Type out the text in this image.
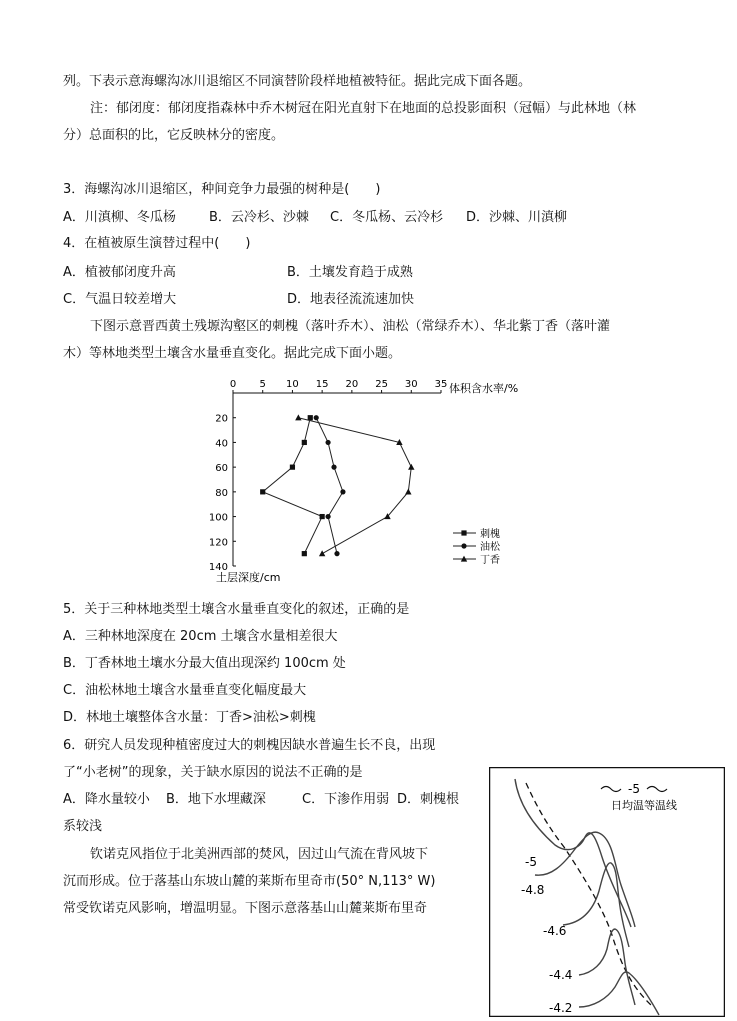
列。下表示意海螺沟冰川退缩区不同演替阶段样地植被特征。据此完成下面各题。
注：郁闭度：郁闭度指森林中乔木树冠在阳光直射下在地面的总投影面积（冠幅）与此林地（林
分）总面积的比，它反映林分的密度。
3．海螺沟冰川退缩区，种间竞争力最强的树种是(　　)
A．川滇柳、冬瓜杨	B．云冷杉、沙棘 C．冬瓜杨、云冷杉 D．沙棘、川滇柳
4．在植被原生演替过程中(　　)
A．植被郁闭度升高	B．土壤发育趋于成熟
C．气温日较差增大	D．地表径流流速加快
下图示意晋西黄土残塬沟壑区的刺槐（落叶乔木）、油松（常绿乔木）、华北紫丁香（落叶灌
木）等林地类型土壤含水量垂直变化。据此完成下面小题。
0 5 10 15 20 25 30 35
20
40
60
80
100
120
140
体积含水率/%
土层深度/cm
刺槐
油松
丁香
5．关于三种林地类型土壤含水量垂直变化的叙述，正确的是
A．三种林地深度在 20cm 土壤含水量相差很大
B．丁香林地土壤水分最大值出现深约 100cm 处
C．油松林地土壤含水量垂直变化幅度最大
D．林地土壤整体含水量：丁香>油松>刺槐
6．研究人员发现种植密度过大的刺槐因缺水普遍生长不良，出现
了“小老树”的现象，关于缺水原因的说法不正确的是
A．降水量较小 B．地下水埋藏深	C．下渗作用弱 D．刺槐根
系较浅
钦诺克风指位于北美洲西部的焚风，因过山气流在背风坡下
沉而形成。位于落基山东坡山麓的莱斯布里奇市(50° N,113° W)
常受钦诺克风影响，增温明显。下图示意落基山山麓莱斯布里奇
-5
日均温等温线
-5
-4.8
-4.6
-4.4
-4.2
